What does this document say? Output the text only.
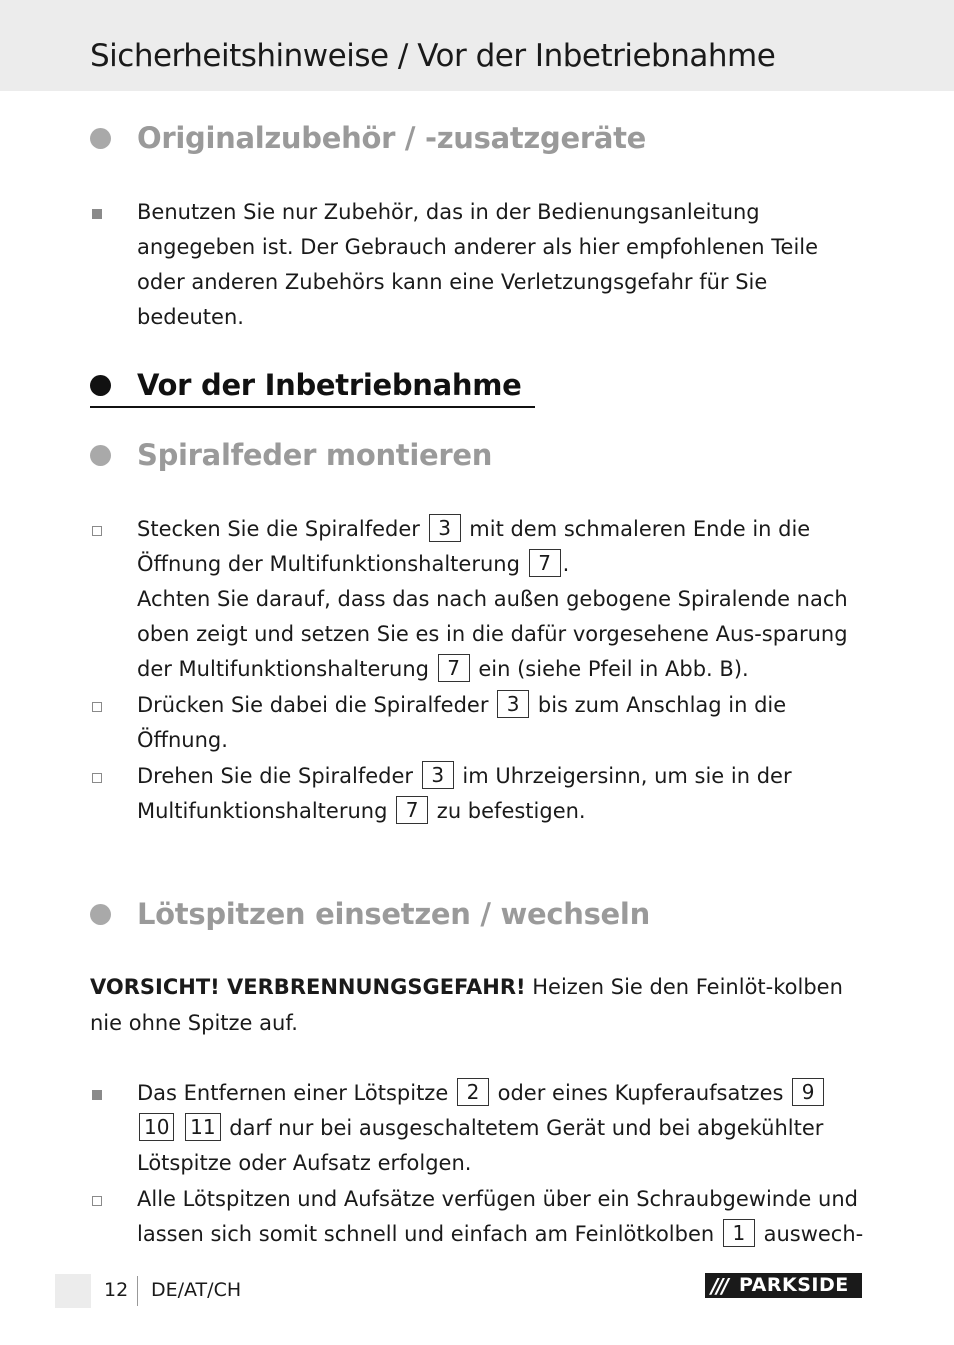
Sicherheitshinweise / Vor der Inbetriebnahme
Originalzubehör / -zusatzgeräte
Benutzen Sie nur Zubehör, das in der Bedienungsanleitung angegeben ist. Der Gebrauch anderer als hier empfohlenen Teile oder anderen Zubehörs kann eine Verletzungsgefahr für Sie bedeuten.
Vor der Inbetriebnahme
Spiralfeder montieren
Stecken Sie die Spiralfeder 3 mit dem schmaleren Ende in die Öffnung der Multifunktionshalterung 7 .
Achten Sie darauf, dass das nach außen gebogene Spiralende nach oben zeigt und setzen Sie es in die dafür vorgesehene Aus-sparung der Multifunktionshalterung 7 ein (siehe Pfeil in Abb. B).
Drücken Sie dabei die Spiralfeder 3 bis zum Anschlag in die Öffnung.
Drehen Sie die Spiralfeder 3 im Uhrzeigersinn, um sie in der Multifunktionshalterung 7 zu befestigen.
Lötspitzen einsetzen / wechseln
VORSICHT! VERBRENNUNGSGEFAHR! Heizen Sie den Feinlöt-kolben nie ohne Spitze auf.
Das Entfernen einer Lötspitze 2 oder eines Kupferaufsatzes 9 10 11 darf nur bei ausgeschaltetem Gerät und bei abgekühlter Lötspitze oder Aufsatz erfolgen.
Alle Lötspitzen und Aufsätze verfügen über ein Schraubgewinde und lassen sich somit schnell und einfach am Feinlötkolben 1 auswech-
12 DE/AT/CH	/// PARKSIDE
